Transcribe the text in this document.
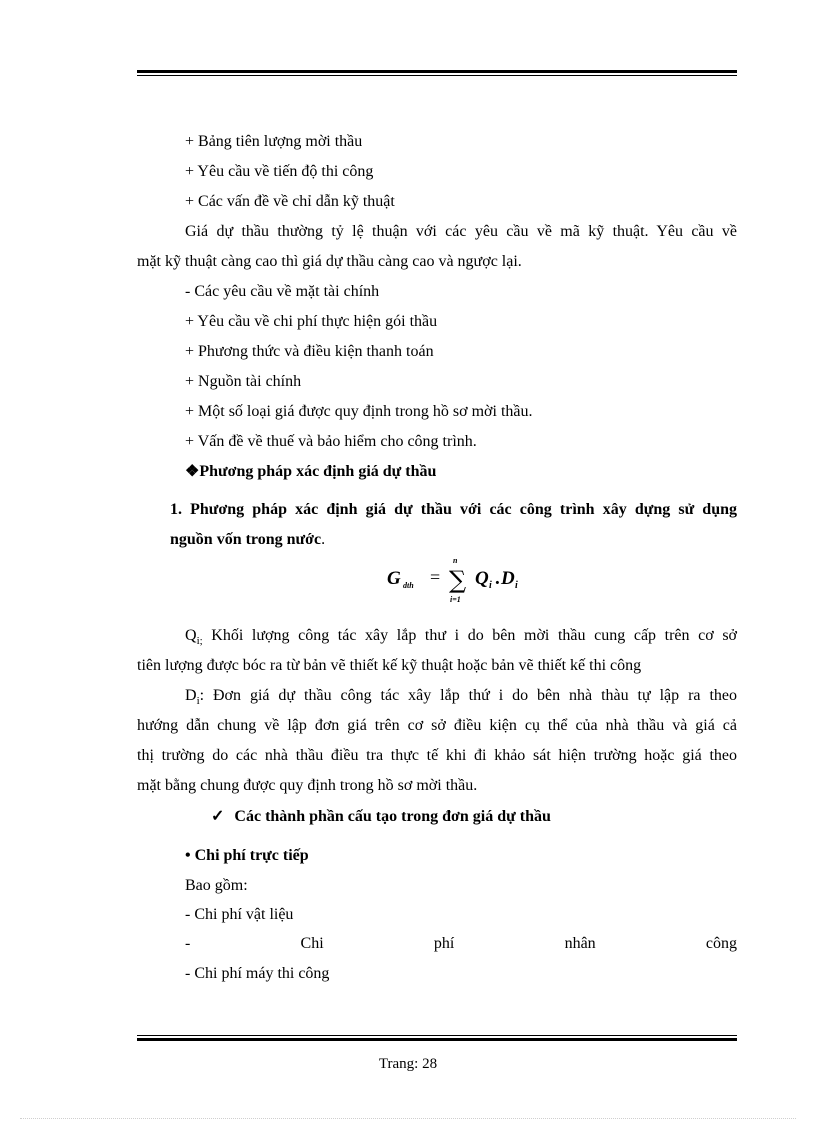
+ Bảng tiên lượng mời thầu
+ Yêu cầu về tiến độ thi công
+ Các vấn đề về chỉ dẫn kỹ thuật
Giá dự thầu thường tỷ lệ thuận với các yêu cầu về mã kỹ thuật. Yêu cầu về
mặt kỹ thuật càng cao thì giá dự thầu càng cao và ngược lại.
- Các yêu cầu về mặt tài chính
+ Yêu cầu về chi phí thực hiện gói thầu
+ Phương thức và điều kiện thanh toán
+ Nguồn tài chính
+ Một số loại giá được quy định trong hồ sơ mời thầu.
+ Vấn đề về thuế và bảo hiểm cho công trình.
❖Phương pháp xác định giá dự thầu
1. Phương pháp xác định giá dự thầu với các công trình xây dựng sử dụng
nguồn vốn trong nước.
G dth =
n
∑
i=1
Q i . D i
$Q_{i;}$ Khối lượng công tác xây lắp thư i do bên mời thầu cung cấp trên cơ sở
tiên lượng được bóc ra từ bản vẽ thiết kế kỹ thuật hoặc bản vẽ thiết kế thi công
$D_i$: Đơn giá dự thầu công tác xây lắp thứ i do bên nhà thàu tự lập ra theo
hướng dẫn chung về lập đơn giá trên cơ sở điều kiện cụ thể của nhà thầu và giá cả
thị trường do các nhà thầu điều tra thực tế khi đi khảo sát hiện trường hoặc giá theo
mặt bằng chung được quy định trong hồ sơ mời thầu.
✓ Các thành phần cấu tạo trong đơn giá dự thầu
• Chi phí trực tiếp
Bao gồm:
- Chi phí vật liệu
- Chi phí nhân công
- Chi phí máy thi công
Trang: 28
